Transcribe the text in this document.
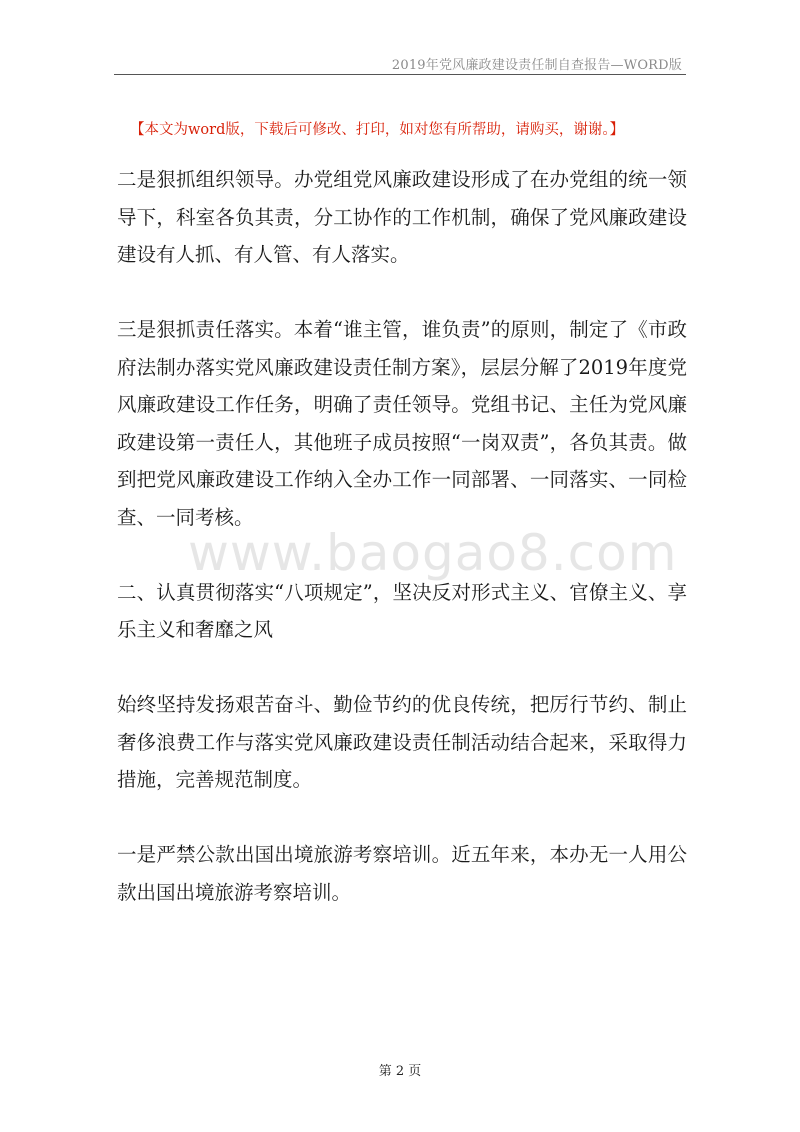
2019年党风廉政建设责任制自查报告—WORD版
【本文为word版，下载后可修改、打印，如对您有所帮助，请购买，谢谢。】

二是狠抓组织领导。办党组党风廉政建设形成了在办党组的统一领导下，科室各负其责，分工协作的工作机制，确保了党风廉政建设建设有人抓、有人管、有人落实。

三是狠抓责任落实。本着“谁主管，谁负责”的原则，制定了《市政府法制办落实党风廉政建设责任制方案》，层层分解了2019年度党风廉政建设工作任务，明确了责任领导。党组书记、主任为党风廉政建设第一责任人，其他班子成员按照“一岗双责”，各负其责。做到把党风廉政建设工作纳入全办工作一同部署、一同落实、一同检查、一同考核。

二、认真贯彻落实“八项规定”，坚决反对形式主义、官僚主义、享乐主义和奢靡之风

始终坚持发扬艰苦奋斗、勤俭节约的优良传统，把厉行节约、制止奢侈浪费工作与落实党风廉政建设责任制活动结合起来，采取得力措施，完善规范制度。

一是严禁公款出国出境旅游考察培训。近五年来，本办无一人用公款出国出境旅游考察培训。

www.baogao8.com
第 2 页
